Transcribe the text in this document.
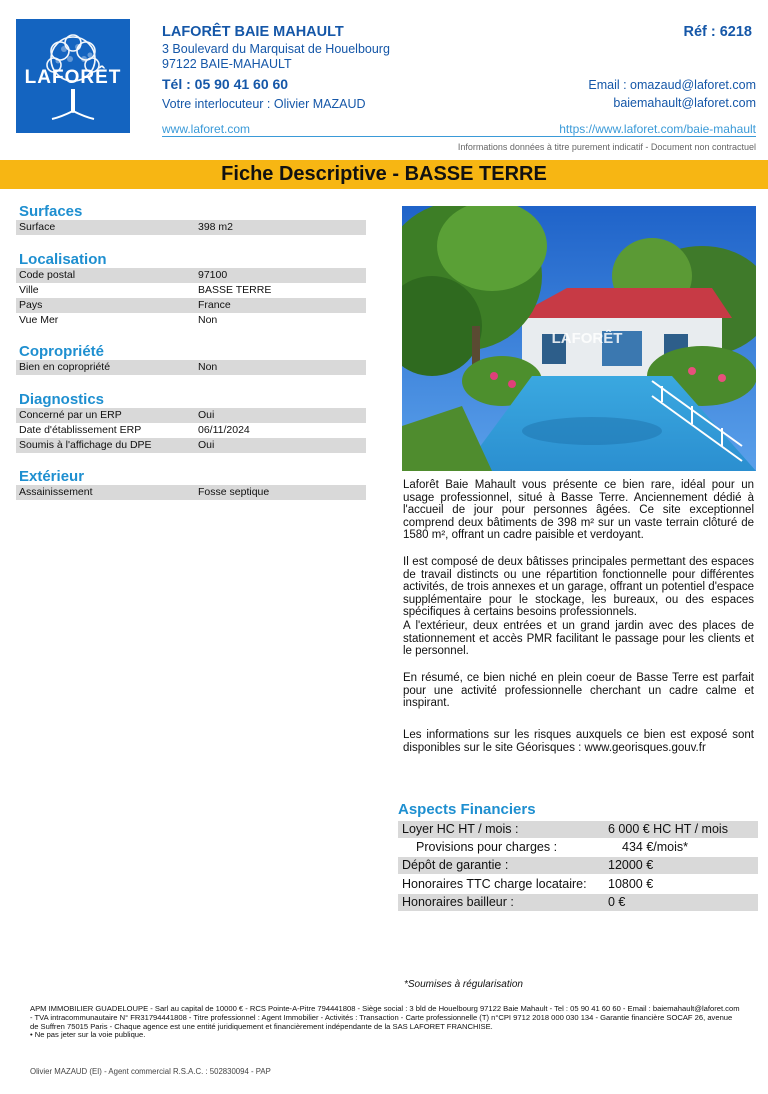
LAFORÊT
LAFORÊT BAIE MAHAULT	Réf : 6218
3 Boulevard du Marquisat de Houelbourg
97122 BAIE-MAHAULT
Tél : 05 90 41 60 60	Email : omazaud@laforet.com
baiemahault@laforet.com
Votre interlocuteur : Olivier MAZAUD
www.laforet.com	https://www.laforet.com/baie-mahault
Informations données à titre purement indicatif - Document non contractuel
Fiche Descriptive - BASSE TERRE
Surfaces
Surface	398 m2
Localisation
Code postal	97100
Ville	BASSE TERRE
Pays	France
Vue Mer	Non
Copropriété
Bien en copropriété	Non
Diagnostics
Concerné par un ERP	Oui
Date d'établissement ERP	06/11/2024
Soumis à l'affichage du DPE	Oui
Extérieur
Assainissement	Fosse septique
LAFORÊT
Laforêt Baie Mahault vous présente ce bien rare, idéal pour un usage professionnel, situé à Basse Terre. Anciennement dédié à l'accueil de jour pour personnes âgées. Ce site exceptionnel comprend deux bâtiments de 398 m² sur un vaste terrain clôturé de 1580 m², offrant un cadre paisible et verdoyant.
Il est composé de deux bâtisses principales permettant des espaces de travail distincts ou une répartition fonctionnelle pour différentes activités, de trois annexes et un garage, offrant un potentiel d'espace supplémentaire pour le stockage, les bureaux, ou des espaces spécifiques à certains besoins professionnels.
A l'extérieur, deux entrées et un grand jardin avec des places de stationnement et accès PMR facilitant le passage pour les clients et le personnel.
En résumé, ce bien niché en plein coeur de Basse Terre est parfait pour une activité professionnelle cherchant un cadre calme et inspirant.
Les informations sur les risques auxquels ce bien est exposé sont disponibles sur le site Géorisques : www.georisques.gouv.fr
Aspects Financiers
Loyer HC HT / mois :	6 000 € HC HT / mois
Provisions pour charges :	434 €/mois*
Dépôt de garantie :	12000 €
Honoraires TTC charge locataire: 10800 €
Honoraires bailleur :	0 €
*Soumises à régularisation
APM IMMOBILIER GUADELOUPE - Sarl au capital de 10000 € - RCS Pointe-A-Pitre 794441808 - Siège social : 3 bld de Houelbourg 97122 Baie Mahault - Tel : 05 90 41 60 60 - Email : baiemahault@laforet.com - TVA intracommunautaire N° FR31794441808 - Titre professionnel : Agent Immobilier - Activités : Transaction - Carte professionnelle (T) n°CPI 9712 2018 000 030 134 - Garantie financière SOCAF 26, avenue de Suffren 75015 Paris - Chaque agence est une entité juridiquement et financièrement indépendante de la SAS LAFORET FRANCHISE.
• Ne pas jeter sur la voie publique.
Olivier MAZAUD (EI) - Agent commercial R.S.A.C. : 502830094 - PAP
